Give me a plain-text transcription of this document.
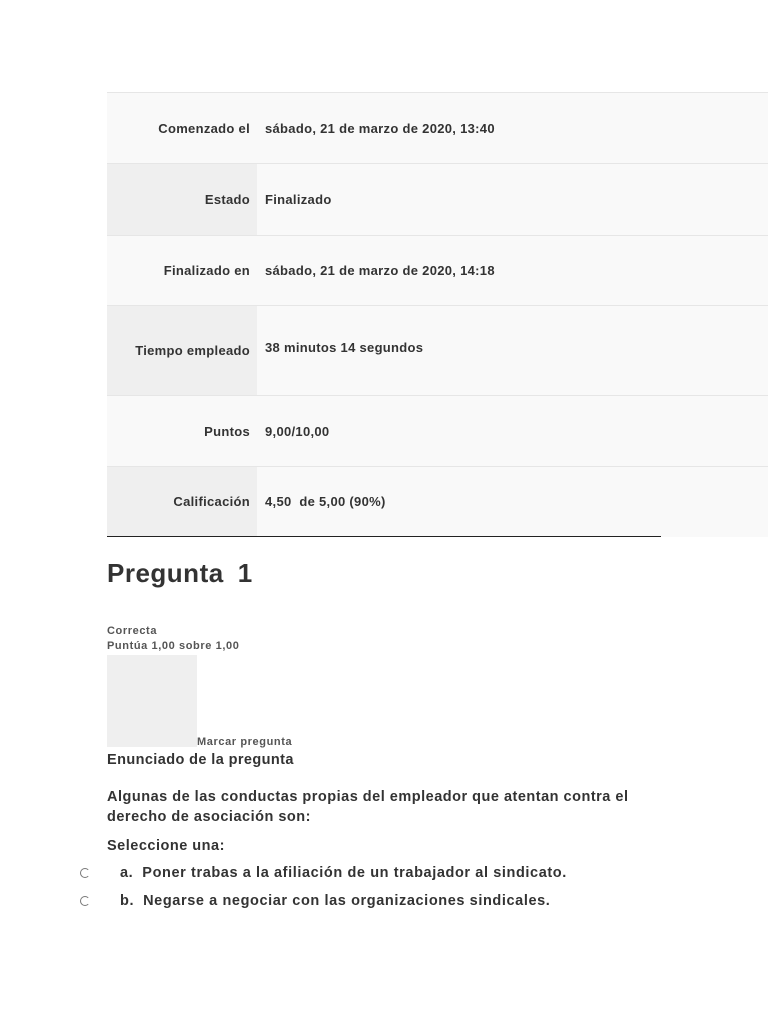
Comenzado el	sábado, 21 de marzo de 2020, 13:40
Estado	Finalizado
Finalizado en	sábado, 21 de marzo de 2020, 14:18
Tiempo empleado	38 minutos 14 segundos
Puntos	9,00/10,00
Calificación	4,50  de 5,00 (90%)
Pregunta 1
Correcta
Puntúa 1,00 sobre 1,00
Marcar pregunta
Enunciado de la pregunta
Algunas de las conductas propias del empleador que atentan contra el derecho de asociación son:
Seleccione una:
a. Poner trabas a la afiliación de un trabajador al sindicato.
b. Negarse a negociar con las organizaciones sindicales.
